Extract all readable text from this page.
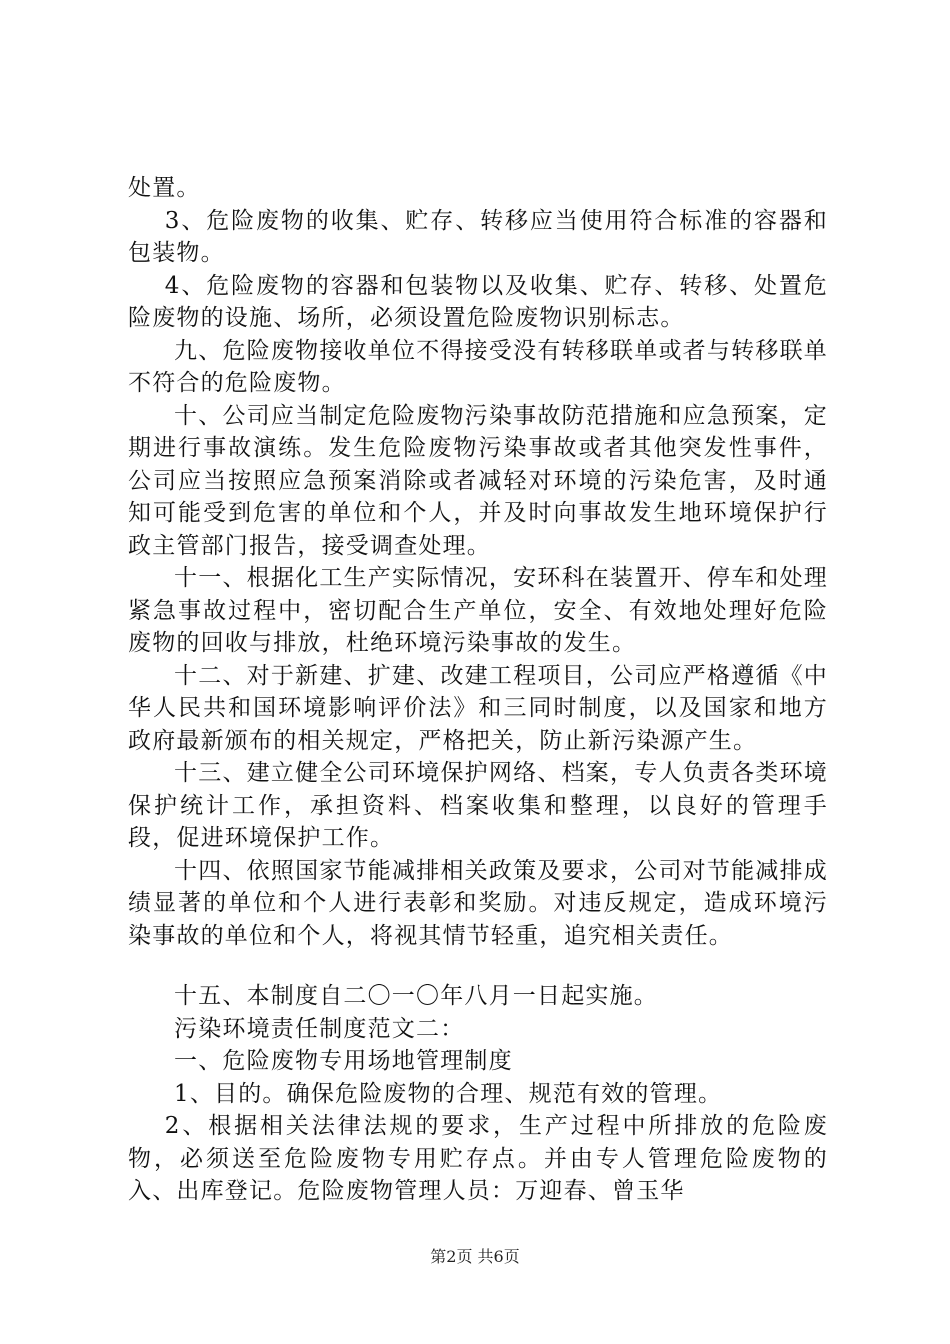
处置。

3、危险废物的收集、贮存、转移应当使用符合标准的容器和包装物。

4、危险废物的容器和包装物以及收集、贮存、转移、处置危险废物的设施、场所，必须设置危险废物识别标志。

九、危险废物接收单位不得接受没有转移联单或者与转移联单不符合的危险废物。

十、公司应当制定危险废物污染事故防范措施和应急预案，定期进行事故演练。发生危险废物污染事故或者其他突发性事件，公司应当按照应急预案消除或者减轻对环境的污染危害，及时通知可能受到危害的单位和个人，并及时向事故发生地环境保护行政主管部门报告，接受调查处理。

十一、根据化工生产实际情况，安环科在装置开、停车和处理紧急事故过程中，密切配合生产单位，安全、有效地处理好危险废物的回收与排放，杜绝环境污染事故的发生。

十二、对于新建、扩建、改建工程项目，公司应严格遵循《中华人民共和国环境影响评价法》和三同时制度，以及国家和地方政府最新颁布的相关规定，严格把关，防止新污染源产生。

十三、建立健全公司环境保护网络、档案，专人负责各类环境保护统计工作，承担资料、档案收集和整理，以良好的管理手段，促进环境保护工作。

十四、依照国家节能减排相关政策及要求，公司对节能减排成绩显著的单位和个人进行表彰和奖励。对违反规定，造成环境污染事故的单位和个人，将视其情节轻重，追究相关责任。

十五、本制度自二〇一〇年八月一日起实施。

污染环境责任制度范文二：

一、危险废物专用场地管理制度

1、目的。确保危险废物的合理、规范有效的管理。

2、根据相关法律法规的要求，生产过程中所排放的危险废物，必须送至危险废物专用贮存点。并由专人管理危险废物的入、出库登记。危险废物管理人员：万迎春、曾玉华

第2页 共6页
